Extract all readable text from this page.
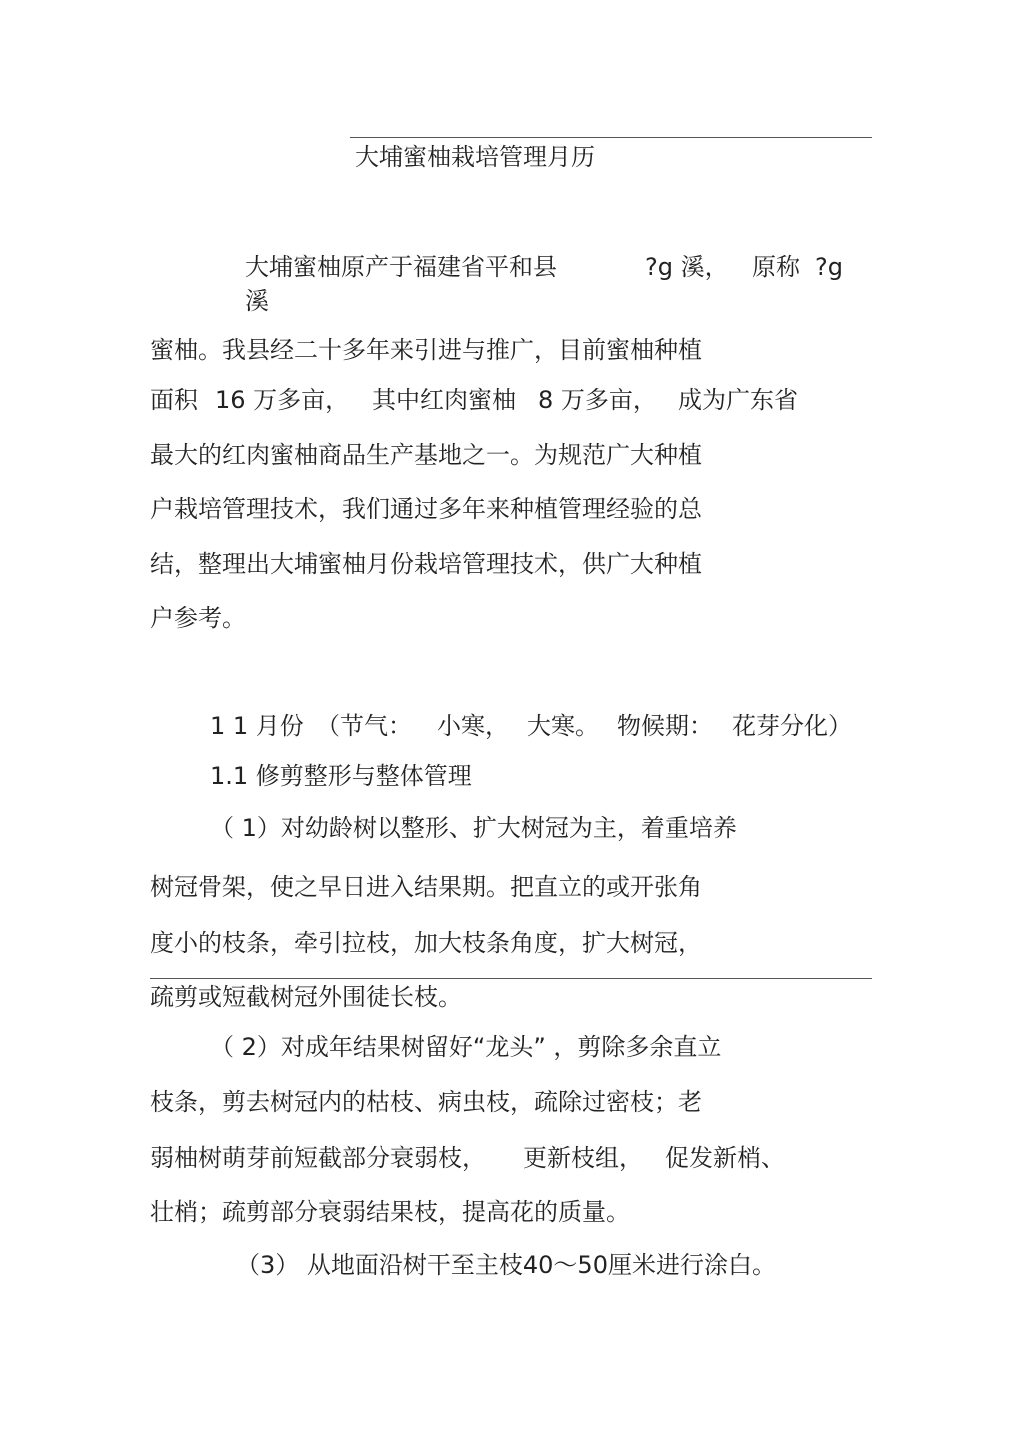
大埔蜜柚栽培管理月历
大埔蜜柚原产于福建省平和县	?g 溪， 原称 ?g
溪
蜜柚。我县经二十多年来引进与推广，目前蜜柚种植
面积 16 万多亩， 其中红肉蜜柚 8 万多亩， 成为广东省
最大的红肉蜜柚商品生产基地之一。为规范广大种植
户栽培管理技术，我们通过多年来种植管理经验的总
结，整理出大埔蜜柚月份栽培管理技术，供广大种植
户参考。
1 1 月份 （节气： 小寒， 大寒。 物候期： 花芽分化）
1.1 修剪整形与整体管理
（ 1）对幼龄树以整形、扩大树冠为主，着重培养
树冠骨架，使之早日进入结果期。把直立的或开张角
度小的枝条，牵引拉枝，加大枝条角度，扩大树冠，
疏剪或短截树冠外围徒长枝。
（ 2）对成年结果树留好“龙头” ，剪除多余直立
枝条，剪去树冠内的枯枝、病虫枝，疏除过密枝；老
弱柚树萌芽前短截部分衰弱枝， 更新枝组， 促发新梢、
壮梢；疏剪部分衰弱结果枝，提高花的质量。
（3） 从地面沿树干至主枝40～50厘米进行涂白。
